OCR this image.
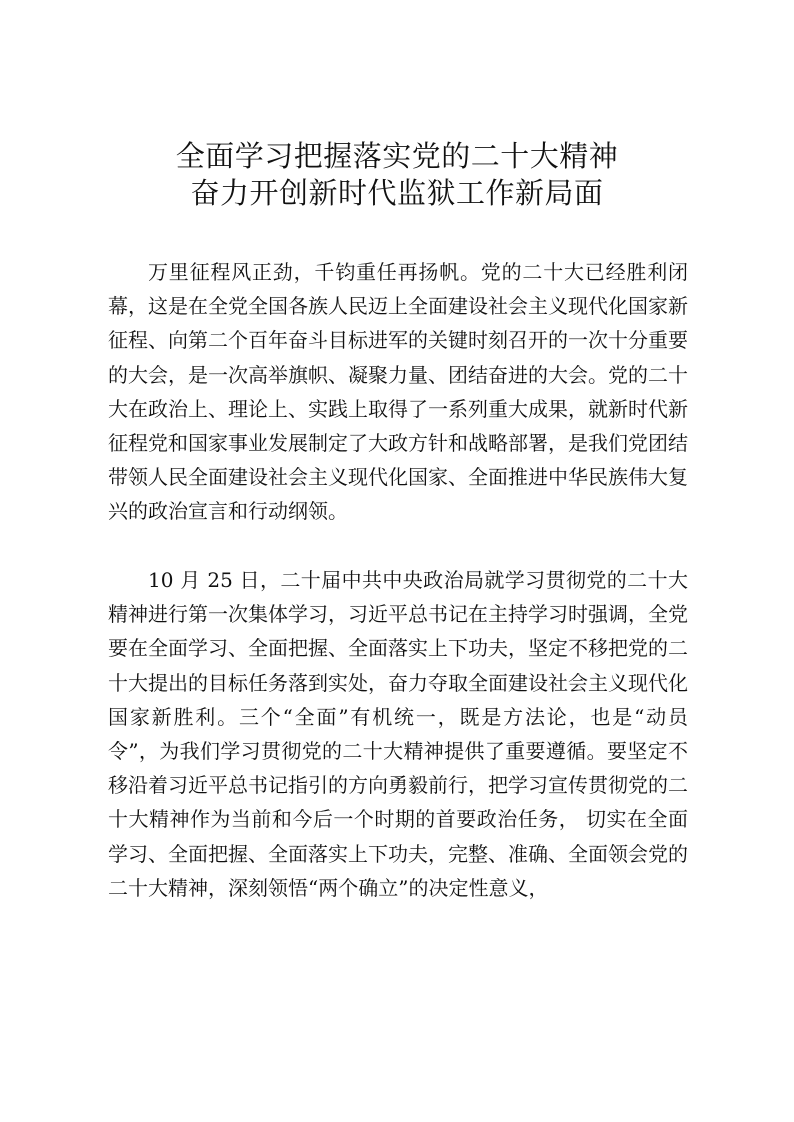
全面学习把握落实党的二十大精神
奋力开创新时代监狱工作新局面

万里征程风正劲，千钧重任再扬帆。党的二十大已经胜利闭幕，这是在全党全国各族人民迈上全面建设社会主义现代化国家新征程、向第二个百年奋斗目标进军的关键时刻召开的一次十分重要的大会，是一次高举旗帜、凝聚力量、团结奋进的大会。党的二十大在政治上、理论上、实践上取得了一系列重大成果，就新时代新征程党和国家事业发展制定了大政方针和战略部署，是我们党团结带领人民全面建设社会主义现代化国家、全面推进中华民族伟大复兴的政治宣言和行动纲领。

10 月 25 日，二十届中共中央政治局就学习贯彻党的二十大精神进行第一次集体学习，习近平总书记在主持学习时强调，全党要在全面学习、全面把握、全面落实上下功夫，坚定不移把党的二十大提出的目标任务落到实处，奋力夺取全面建设社会主义现代化国家新胜利。三个“全面”有机统一，既是方法论，也是“动员令”，为我们学习贯彻党的二十大精神提供了重要遵循。要坚定不移沿着习近平总书记指引的方向勇毅前行，把学习宣传贯彻党的二十大精神作为当前和今后一个时期的首要政治任务， 切实在全面学习、全面把握、全面落实上下功夫，完整、准确、全面领会党的二十大精神，深刻领悟“两个确立”的决定性意义，
